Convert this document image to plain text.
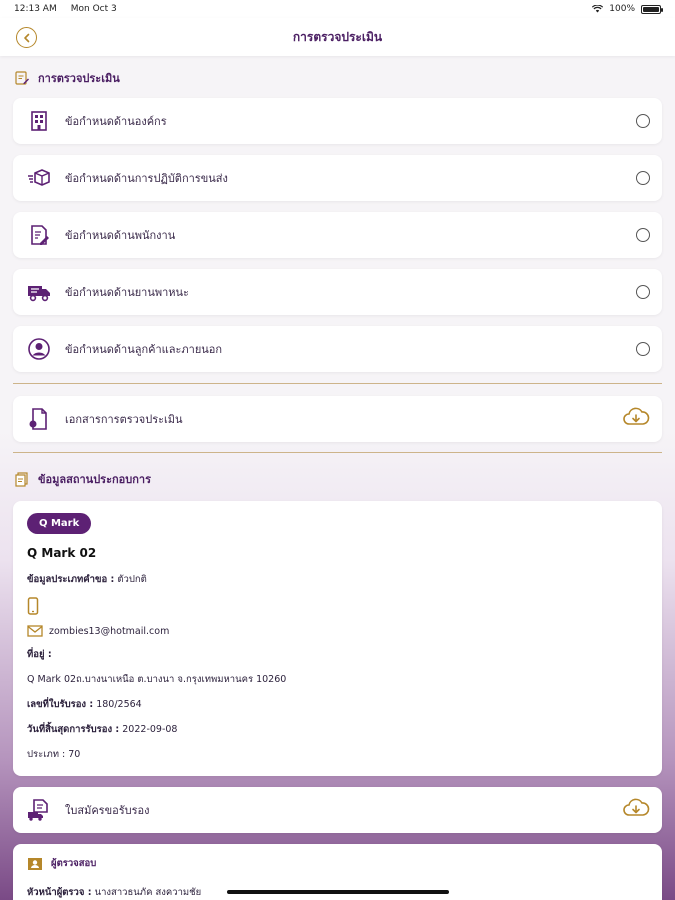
12:13 AM Mon Oct 3	100%
การตรวจประเมิน
การตรวจประเมิน
ข้อกำหนดด้านองค์กร
ข้อกำหนดด้านการปฏิบัติการขนส่ง
ข้อกำหนดด้านพนักงาน
ข้อกำหนดด้านยานพาหนะ
ข้อกำหนดด้านลูกค้าและภายนอก
เอกสารการตรวจประเมิน
ข้อมูลสถานประกอบการ
Q Mark
Q Mark 02
ข้อมูลประเภทคำขอ : ตัวปกติ
zombies13@hotmail.com
ที่อยู่ :
Q Mark 02ถ.บางนาเหนือ ต.บางนา จ.กรุงเทพมหานคร 10260
เลขที่ใบรับรอง : 180/2564
วันที่สิ้นสุดการรับรอง : 2022-09-08
ประเภท : 70
ใบสมัครขอรับรอง
ผู้ตรวจสอบ
หัวหน้าผู้ตรวจ : นางสาวธนภัค สงความชัย
